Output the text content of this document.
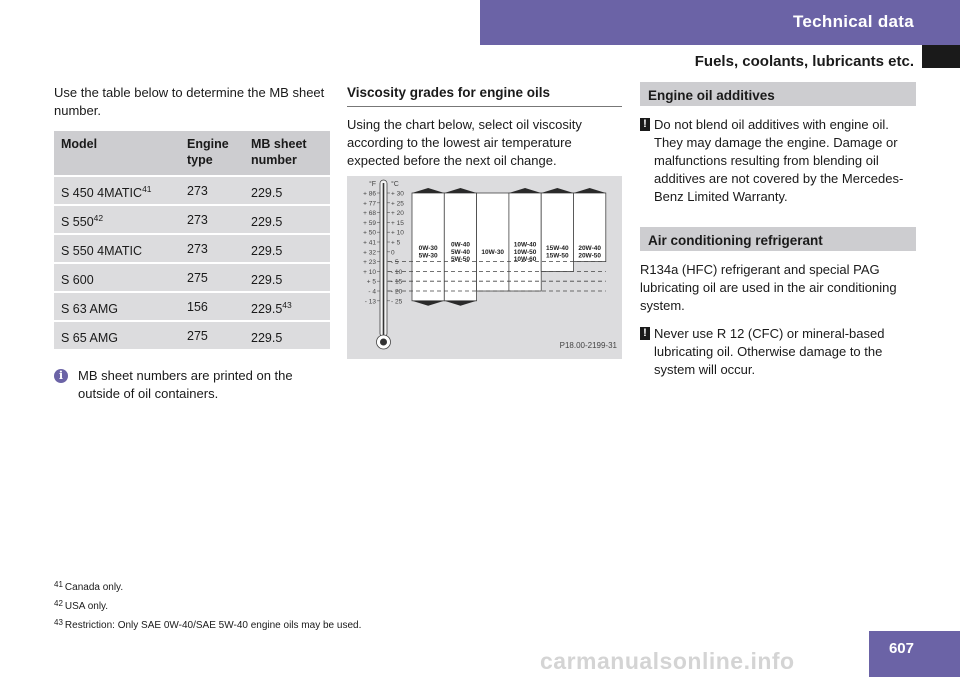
Technical data
Fuels, coolants, lubricants etc.

Use the table below to determine the MB sheet number.

Model	Engine type	MB sheet number
S 450 4MATIC$^{41}$	273	229.5
S $550^{42}$	273	229.5
S 550 4MATIC	273	229.5
S 600	275	229.5
S 63 AMG	156	229.5$^{43}$
S 65 AMG	275	229.5
i	MB sheet numbers are printed on the outside of oil containers.
Viscosity grades for engine oils

Using the chart below, select oil viscosity according to the lowest air temperature expected before the next oil change.

°F °C
+ 86
+ 77
+ 68
+ 59
+ 50
+ 41
+ 32
+ 23
+ 10
+ 5
- 4
- 13
+ 30
+ 25
+ 20
+ 15
+ 10
+ 5
0
- 5
- 10
- 15
- 20
- 25
0W-30
5W-30
0W-40
5W-40
5W-50
10W-30
10W-40
10W-50
10W-60
15W-40
15W-50
20W-40
20W-50
P18.00-2199-31
Engine oil additives
! Do not blend oil additives with engine oil. They may damage the engine. Damage or malfunctions resulting from blending oil additives are not covered by the Mercedes-Benz Limited Warranty.
Air conditioning refrigerant

R134a (HFC) refrigerant and special PAG lubricating oil are used in the air conditioning system.

! Never use R 12 (CFC) or mineral-based lubricating oil. Otherwise damage to the system will occur.
$^{41}$ Canada only.
$^{42}$ USA only.
$^{43}$ Restriction: Only SAE 0W-40/SAE 5W-40 engine oils may be used.
607
carmanualsonline.info
